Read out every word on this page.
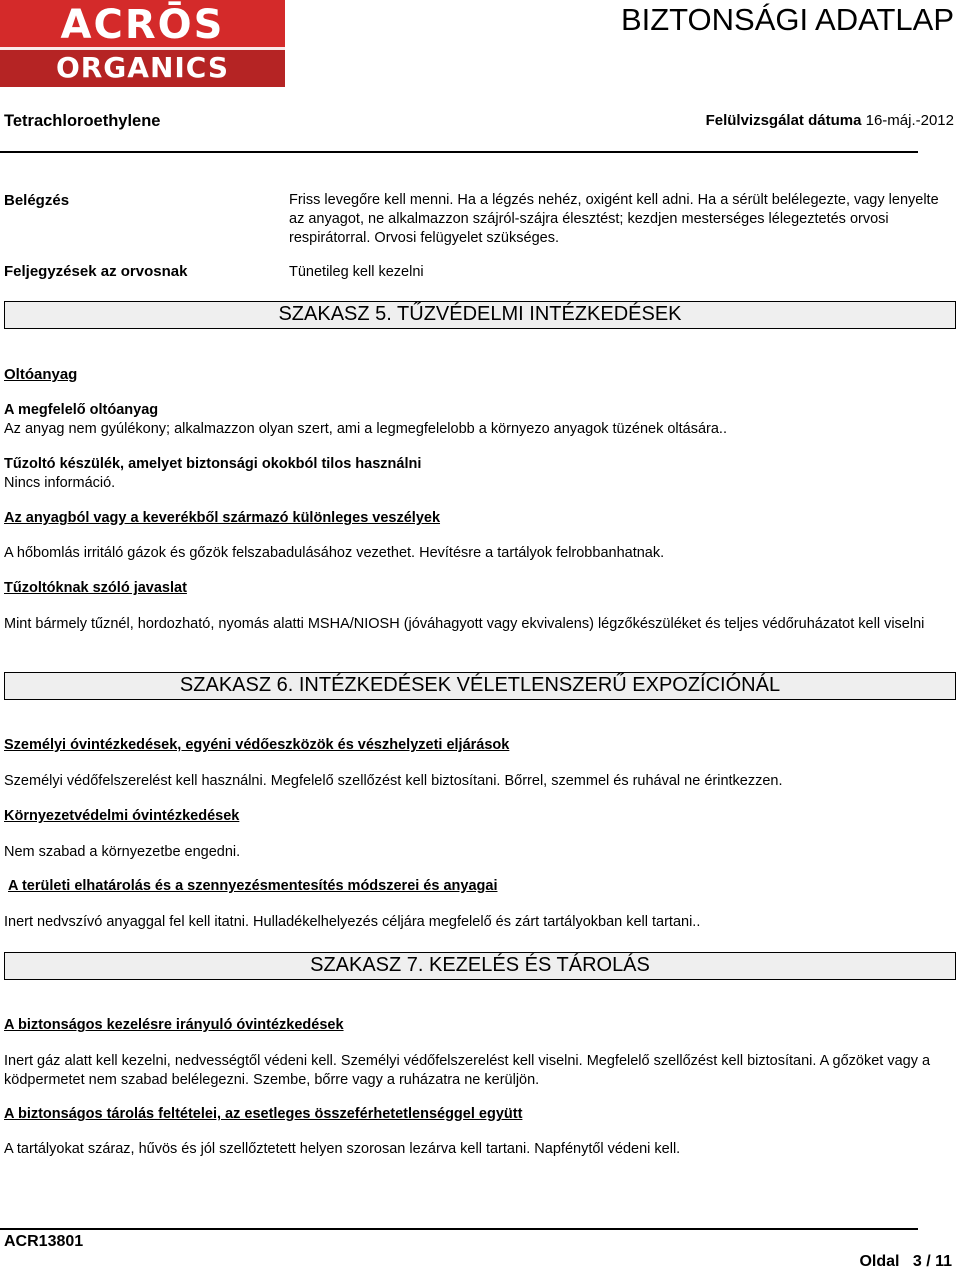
ACRŌS
ORGANICS
BIZTONSÁGI ADATLAP
Tetrachloroethylene	Felülvizsgálat dátuma 16-máj.-2012
Belégzés	Friss levegőre kell menni. Ha a légzés nehéz, oxigént kell adni. Ha a sérült belélegezte, vagy lenyelte az anyagot, ne alkalmazzon szájról-szájra élesztést; kezdjen mesterséges lélegeztetés orvosi respirátorral. Orvosi felügyelet szükséges.
Feljegyzések az orvosnak	Tünetileg kell kezelni
SZAKASZ 5. TŰZVÉDELMI INTÉZKEDÉSEK
Oltóanyag
A megfelelő oltóanyag
Az anyag nem gyúlékony; alkalmazzon olyan szert, ami a legmegfelelobb a környezo anyagok tüzének oltására..
Tűzoltó készülék, amelyet biztonsági okokból tilos használni
Nincs információ.
Az anyagból vagy a keverékből származó különleges veszélyek
A hőbomlás irritáló gázok és gőzök felszabadulásához vezethet. Hevítésre a tartályok felrobbanhatnak.
Tűzoltóknak szóló javaslat
Mint bármely tűznél, hordozható, nyomás alatti MSHA/NIOSH (jóváhagyott vagy ekvivalens) légzőkészüléket és teljes védőruházatot kell viselni
SZAKASZ 6. INTÉZKEDÉSEK VÉLETLENSZERŰ EXPOZÍCIÓNÁL
Személyi óvintézkedések, egyéni védőeszközök és vészhelyzeti eljárások
Személyi védőfelszerelést kell használni. Megfelelő szellőzést kell biztosítani. Bőrrel, szemmel és ruhával ne érintkezzen.
Környezetvédelmi óvintézkedések
Nem szabad a környezetbe engedni.
A területi elhatárolás és a szennyezésmentesítés módszerei és anyagai
Inert nedvszívó anyaggal fel kell itatni. Hulladékelhelyezés céljára megfelelő és zárt tartályokban kell tartani..
SZAKASZ 7. KEZELÉS ÉS TÁROLÁS
A biztonságos kezelésre irányuló óvintézkedések
Inert gáz alatt kell kezelni, nedvességtől védeni kell. Személyi védőfelszerelést kell viselni. Megfelelő szellőzést kell biztosítani. A gőzöket vagy a ködpermetet nem szabad belélegezni. Szembe, bőrre vagy a ruházatra ne kerüljön.
A biztonságos tárolás feltételei, az esetleges összeférhetetlenséggel együtt
A tartályokat száraz, hűvös és jól szellőztetett helyen szorosan lezárva kell tartani. Napfénytől védeni kell.
ACR13801
Oldal 3 / 11
